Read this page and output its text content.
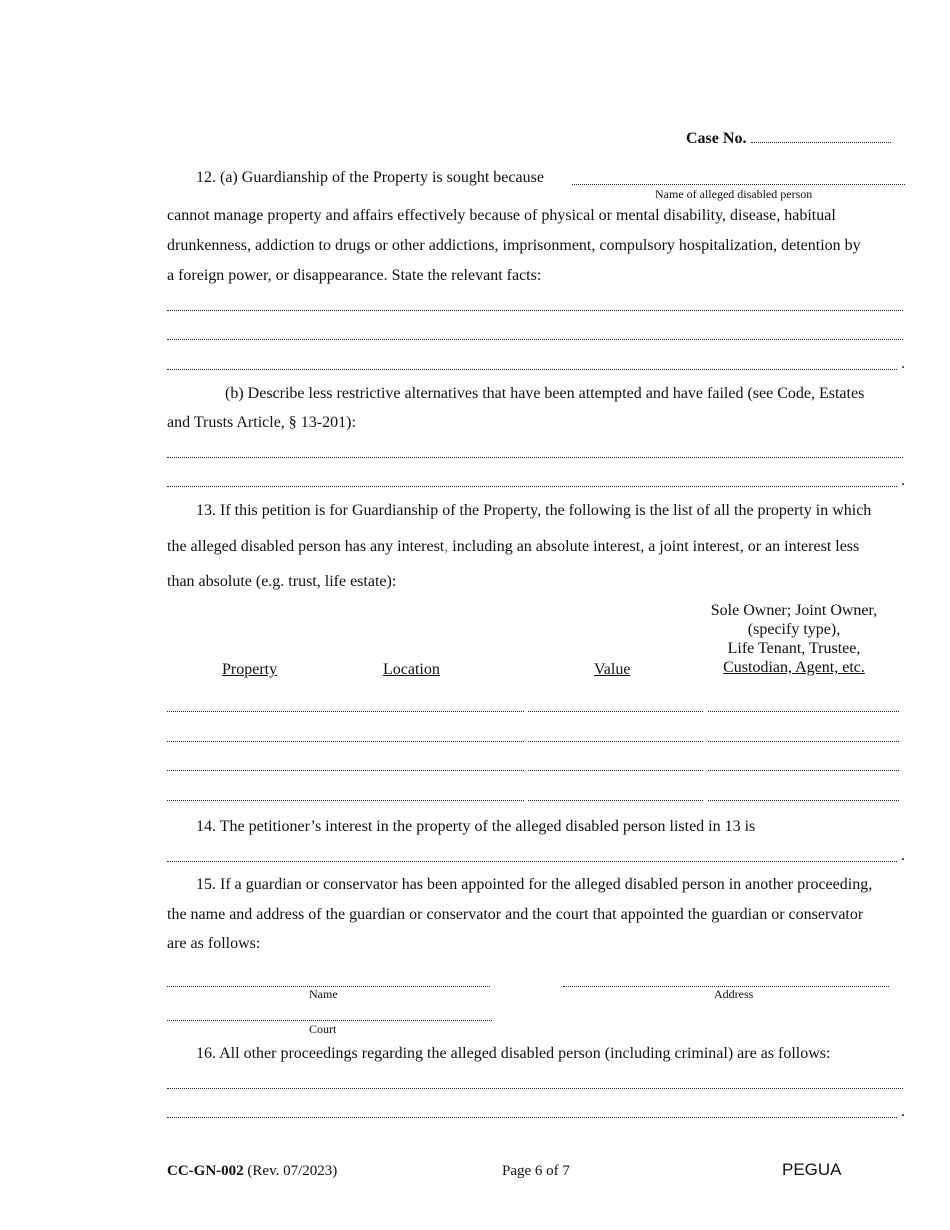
Case No.
12. (a) Guardianship of the Property is sought because
Name of alleged disabled person
cannot manage property and affairs effectively because of physical or mental disability, disease, habitual
drunkenness, addiction to drugs or other addictions, imprisonment, compulsory hospitalization, detention by
a foreign power, or disappearance. State the relevant facts:
.
(b) Describe less restrictive alternatives that have been attempted and have failed (see Code, Estates
and Trusts Article, § 13-201):
.
13. If this petition is for Guardianship of the Property, the following is the list of all the property in which
the alleged disabled person has any interest, including an absolute interest, a joint interest, or an interest less
than absolute (e.g. trust, life estate):
Property	Location	Value
Sole Owner; Joint Owner,
(specify type),
Life Tenant, Trustee,
Custodian, Agent, etc.
14. The petitioner’s interest in the property of the alleged disabled person listed in 13 is
.
15. If a guardian or conservator has been appointed for the alleged disabled person in another proceeding,
the name and address of the guardian or conservator and the court that appointed the guardian or conservator
are as follows:
Name	Address
Court
16. All other proceedings regarding the alleged disabled person (including criminal) are as follows:
.
CC-GN-002 (Rev. 07/2023)	Page 6 of 7	PEGUA
